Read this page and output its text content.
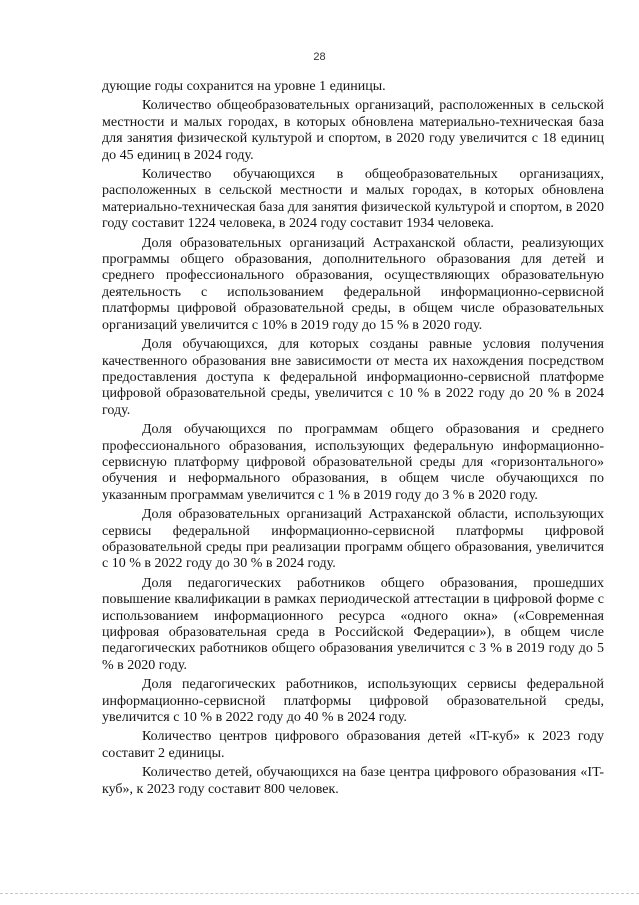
28

дующие годы сохранится на уровне 1 единицы.

Количество общеобразовательных организаций, расположенных в сельской местности и малых городах, в которых обновлена материально-техническая база для занятия физической культурой и спортом, в 2020 году увеличится с 18 единиц до 45 единиц в 2024 году.

Количество обучающихся в общеобразовательных организациях, расположенных в сельской местности и малых городах, в которых обновлена материально-техническая база для занятия физической культурой и спортом, в 2020 году составит 1224 человека, в 2024 году составит 1934 человека.

Доля образовательных организаций Астраханской области, реализующих программы общего образования, дополнительного образования для детей и среднего профессионального образования, осуществляющих образовательную деятельность с использованием федеральной информационно-сервисной платформы цифровой образовательной среды, в общем числе образовательных организаций увеличится с 10% в 2019 году до 15 % в 2020 году.

Доля обучающихся, для которых созданы равные условия получения качественного образования вне зависимости от места их нахождения посредством предоставления доступа к федеральной информационно-сервисной платформе цифровой образовательной среды, увеличится с 10 % в 2022 году до 20 % в 2024 году.

Доля обучающихся по программам общего образования и среднего профессионального образования, использующих федеральную информационно-сервисную платформу цифровой образовательной среды для «горизонтального» обучения и неформального образования, в общем числе обучающихся по указанным программам увеличится с 1 % в 2019 году до 3 % в 2020 году.

Доля образовательных организаций Астраханской области, использующих сервисы федеральной информационно-сервисной платформы цифровой образовательной среды при реализации программ общего образования, увеличится с 10 % в 2022 году до 30 % в 2024 году.

Доля педагогических работников общего образования, прошедших повышение квалификации в рамках периодической аттестации в цифровой форме с использованием информационного ресурса «одного окна» («Современная цифровая образовательная среда в Российской Федерации»), в общем числе педагогических работников общего образования увеличится с 3 % в 2019 году до 5 % в 2020 году.

Доля педагогических работников, использующих сервисы федеральной информационно-сервисной платформы цифровой образовательной среды, увеличится с 10 % в 2022 году до 40 % в 2024 году.

Количество центров цифрового образования детей «IT-куб» к 2023 году составит 2 единицы.

Количество детей, обучающихся на базе центра цифрового образования «IT-куб», к 2023 году составит 800 человек.
